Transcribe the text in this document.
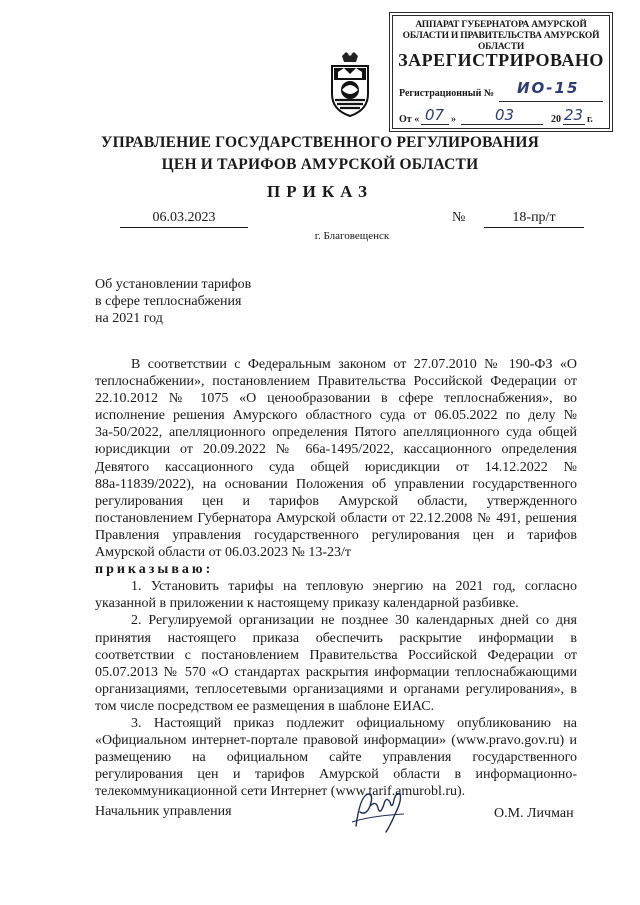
АППАРАТ ГУБЕРНАТОРА АМУРСКОЙ ОБЛАСТИ И ПРАВИТЕЛЬСТВА АМУРСКОЙ ОБЛАСТИ
ЗАРЕГИСТРИРОВАНО
Регистрационный № ИО-15
От « 07 »	03	20 23 г.
УПРАВЛЕНИЕ ГОСУДАРСТВЕННОГО РЕГУЛИРОВАНИЯ
ЦЕН И ТАРИФОВ АМУРСКОЙ ОБЛАСТИ
ПРИКАЗ
06.03.2023	№	18-пр/т
г. Благовещенск
Об установлении тарифов
в сфере теплоснабжения
на 2021 год

В соответствии с Федеральным законом от 27.07.2010 № 190-ФЗ «О теплоснабжении», постановлением Правительства Российской Федерации от 22.10.2012 № 1075 «О ценообразовании в сфере теплоснабжения», во исполнение решения Амурского областного суда от 06.05.2022 по делу № 3а-50/2022, апелляционного определения Пятого апелляционного суда общей юрисдикции от 20.09.2022 № 66а-1495/2022, кассационного определения Девятого кассационного суда общей юрисдикции от 14.12.2022 № 88а-11839/2022), на основании Положения об управлении государственного регулирования цен и тарифов Амурской области, утвержденного постановлением Губернатора Амурской области от 22.12.2008 № 491, решения Правления управления государственного регулирования цен и тарифов Амурской области от 06.03.2023 № 13-23/т

приказываю:

1. Установить тарифы на тепловую энергию на 2021 год, согласно указанной в приложении к настоящему приказу календарной разбивке.

2. Регулируемой организации не позднее 30 календарных дней со дня принятия настоящего приказа обеспечить раскрытие информации в соответствии с постановлением Правительства Российской Федерации от 05.07.2013 № 570 «О стандартах раскрытия информации теплоснабжающими организациями, теплосетевыми организациями и органами регулирования», в том числе посредством ее размещения в шаблоне ЕИАС.

3. Настоящий приказ подлежит официальному опубликованию на «Официальном интернет-портале правовой информации» (www.pravo.gov.ru) и размещению на официальном сайте управления государственного регулирования цен и тарифов Амурской области в информационно-телекоммуникационной сети Интернет (www.tarif.amurobl.ru).

Начальник управления	О.М. Личман
